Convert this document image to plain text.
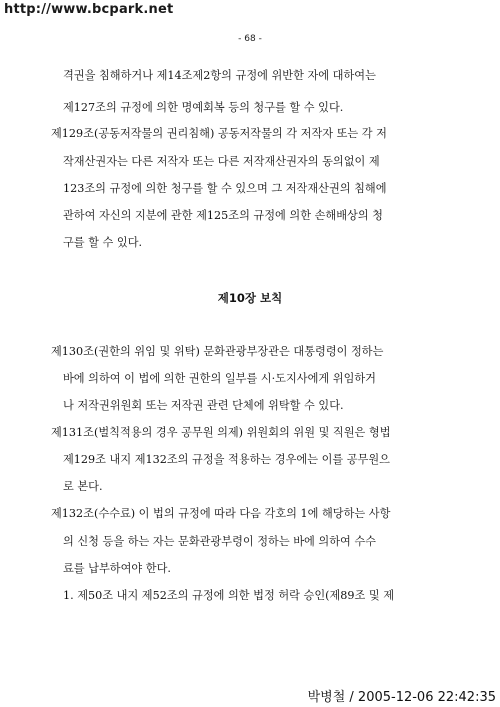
http://www.bcpark.net
- 68 -
격권을 침해하거나 제14조제2항의 규정에 위반한 자에 대하여는
제127조의 규정에 의한 명예회복 등의 청구를 할 수 있다.
제129조(공동저작물의 권리침해) 공동저작물의 각 저작자 또는 각 저
작재산권자는 다른 저작자 또는 다른 저작재산권자의 동의없이 제
123조의 규정에 의한 청구를 할 수 있으며 그 저작재산권의 침해에
관하여 자신의 지분에 관한 제125조의 규정에 의한 손해배상의 청
구를 할 수 있다.
제10장 보칙
제130조(권한의 위임 및 위탁) 문화관광부장관은 대통령령이 정하는
바에 의하여 이 법에 의한 권한의 일부를 시·도지사에게 위임하거
나 저작권위원회 또는 저작권 관련 단체에 위탁할 수 있다.
제131조(벌칙적용의 경우 공무원 의제) 위원회의 위원 및 직원은 형법
제129조 내지 제132조의 규정을 적용하는 경우에는 이를 공무원으
로 본다.
제132조(수수료) 이 법의 규정에 따라 다음 각호의 1에 해당하는 사항
의 신청 등을 하는 자는 문화관광부령이 정하는 바에 의하여 수수
료를 납부하여야 한다.
1. 제50조 내지 제52조의 규정에 의한 법정 허락 승인(제89조 및 제
박병철 / 2005-12-06 22:42:35
